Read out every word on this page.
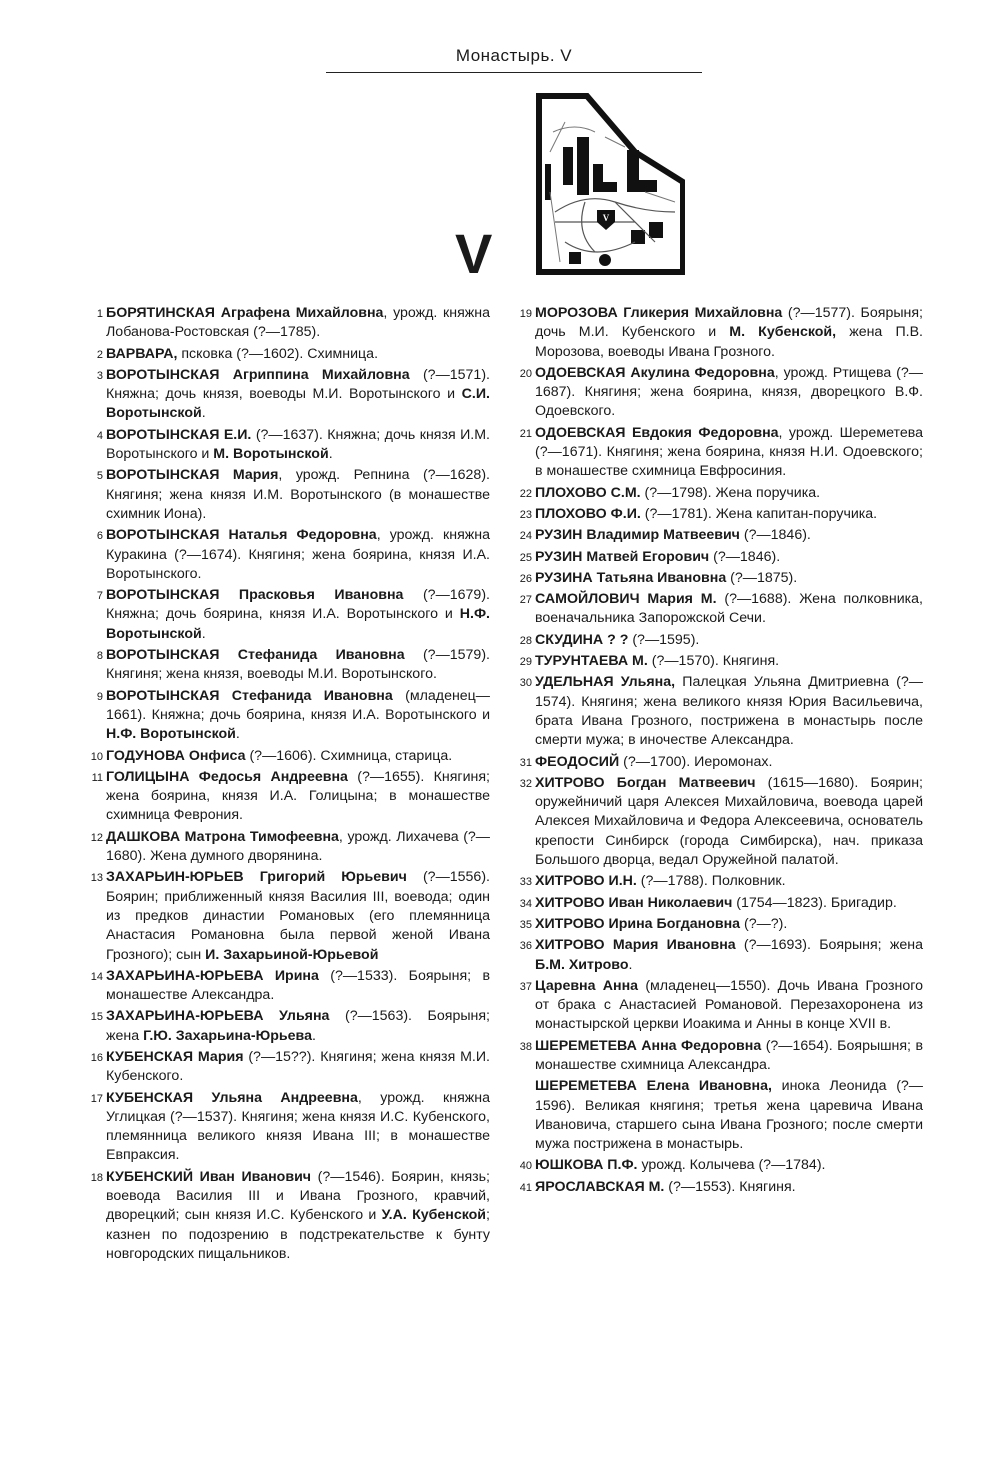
Монастырь. V
V
V
1 БОРЯТИНСКАЯ Аграфена Михайловна, урожд. княжна Лобанова-Ростовская (?—1785).
2 ВАРВАРА, псковка (?—1602). Схимница.
3 ВОРОТЫНСКАЯ Агриппина Михайловна (?—1571). Княжна; дочь князя, воеводы М.И. Воротынского и С.И. Воротынской.
4 ВОРОТЫНСКАЯ Е.И. (?—1637). Княжна; дочь князя И.М. Воротынского и М. Воротынской.
5 ВОРОТЫНСКАЯ Мария, урожд. Репнина (?—1628). Княгиня; жена князя И.М. Воротынского (в монашестве схимник Иона).
6 ВОРОТЫНСКАЯ Наталья Федоровна, урожд. княжна Куракина (?—1674). Княгиня; жена боярина, князя И.А. Воротынского.
7 ВОРОТЫНСКАЯ Прасковья Ивановна (?—1679). Княжна; дочь боярина, князя И.А. Воротынского и Н.Ф. Воротынской.
8 ВОРОТЫНСКАЯ Стефанида Ивановна (?—1579). Княгиня; жена князя, воеводы М.И. Воротынского.
9 ВОРОТЫНСКАЯ Стефанида Ивановна (младенец—1661). Княжна; дочь боярина, князя И.А. Воротынского и Н.Ф. Воротынской.
10 ГОДУНОВА Онфиса (?—1606). Схимница, старица.
11 ГОЛИЦЫНА Федосья Андреевна (?—1655). Княгиня; жена боярина, князя И.А. Голицына; в монашестве схимница Феврония.
12 ДАШКОВА Матрона Тимофеевна, урожд. Лихачева (?—1680). Жена думного дворянина.
13 ЗАХАРЬИН-ЮРЬЕВ Григорий Юрьевич (?—1556). Боярин; приближенный князя Василия III, воевода; один из предков династии Романовых (его племянница Анастасия Романовна была первой женой Ивана Грозного); сын И. Захарьиной-Юрьевой
14 ЗАХАРЬИНА-ЮРЬЕВА Ирина (?—1533). Боярыня; в монашестве Александра.
15 ЗАХАРЬИНА-ЮРЬЕВА Ульяна (?—1563). Боярыня; жена Г.Ю. Захарьина-Юрьева.
16 КУБЕНСКАЯ Мария (?—15??). Княгиня; жена князя М.И. Кубенского.
17 КУБЕНСКАЯ Ульяна Андреевна, урожд. княжна Углицкая (?—1537). Княгиня; жена князя И.С. Кубенского, племянница великого князя Ивана III; в монашестве Евпраксия.
18 КУБЕНСКИЙ Иван Иванович (?—1546). Боярин, князь; воевода Василия III и Ивана Грозного, кравчий, дворецкий; сын князя И.С. Кубенского и У.А. Кубенской; казнен по подозрению в подстрекательстве к бунту новгородских пищальников.
19 МОРОЗОВА Гликерия Михайловна (?—1577). Боярыня; дочь М.И. Кубенского и М. Кубенской, жена П.В. Морозова, воеводы Ивана Грозного.
20 ОДОЕВСКАЯ Акулина Федоровна, урожд. Ртищева (?—1687). Княгиня; жена боярина, князя, дворецкого В.Ф. Одоевского.
21 ОДОЕВСКАЯ Евдокия Федоровна, урожд. Шереметева (?—1671). Княгиня; жена боярина, князя Н.И. Одоевского; в монашестве схимница Евфросиния.
22 ПЛОХОВО С.М. (?—1798). Жена поручика.
23 ПЛОХОВО Ф.И. (?—1781). Жена капитан-поручика.
24 РУЗИН Владимир Матвеевич (?—1846).
25 РУЗИН Матвей Егорович (?—1846).
26 РУЗИНА Татьяна Ивановна (?—1875).
27 САМОЙЛОВИЧ Мария М. (?—1688). Жена полковника, военачальника Запорожской Сечи.
28 СКУДИНА ? ? (?—1595).
29 ТУРУНТАЕВА М. (?—1570). Княгиня.
30 УДЕЛЬНАЯ Ульяна, Палецкая Ульяна Дмитриевна (?—1574). Княгиня; жена великого князя Юрия Васильевича, брата Ивана Грозного, пострижена в монастырь после смерти мужа; в иночестве Александра.
31 ФЕОДОСИЙ (?—1700). Иеромонах.
32 ХИТРОВО Богдан Матвеевич (1615—1680). Боярин; оружейничий царя Алексея Михайловича, воевода царей Алексея Михайловича и Федора Алексеевича, основатель крепости Синбирск (города Симбирска), нач. приказа Большого дворца, ведал Оружейной палатой.
33 ХИТРОВО И.Н. (?—1788). Полковник.
34 ХИТРОВО Иван Николаевич (1754—1823). Бригадир.
35 ХИТРОВО Ирина Богдановна (?—?).
36 ХИТРОВО Мария Ивановна (?—1693). Боярыня; жена Б.М. Хитрово.
37 Царевна Анна (младенец—1550). Дочь Ивана Грозного от брака с Анастасией Романовой. Перезахоронена из монастырской церкви Иоакима и Анны в конце XVII в.
38 ШЕРЕМЕТЕВА Анна Федоровна (?—1654). Боярышня; в монашестве схимница Александра.
ШЕРЕМЕТЕВА Елена Ивановна, инока Леонида (?—1596). Великая княгиня; третья жена царевича Ивана Ивановича, старшего сына Ивана Грозного; после смерти мужа пострижена в монастырь.
40 ЮШКОВА П.Ф. урожд. Колычева (?—1784).
41 ЯРОСЛАВСКАЯ М. (?—1553). Княгиня.
